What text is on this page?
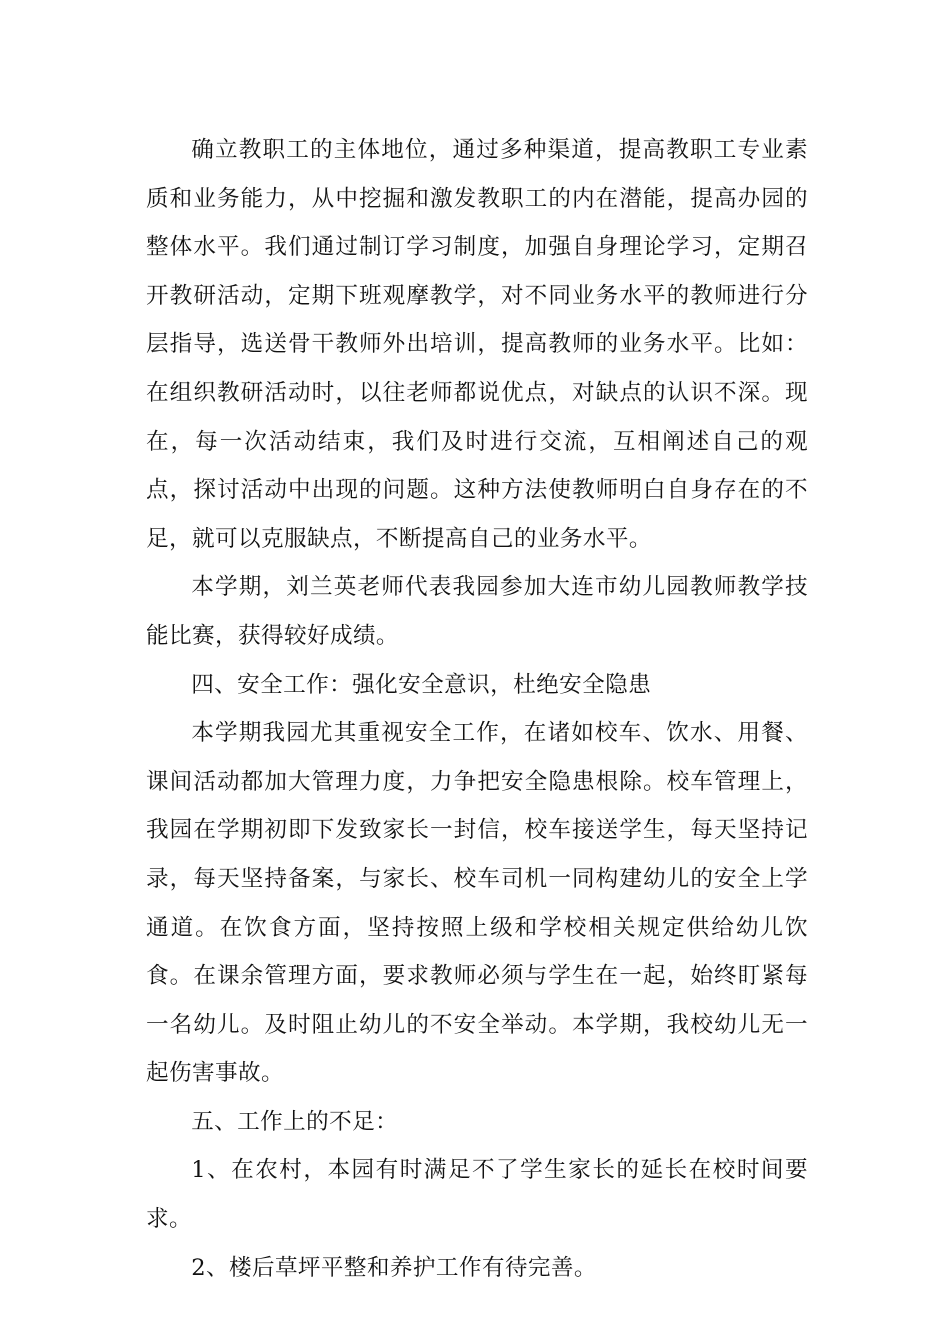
确立教职工的主体地位，通过多种渠道，提高教职工专业素质和业务能力，从中挖掘和激发教职工的内在潜能，提高办园的整体水平。我们通过制订学习制度，加强自身理论学习，定期召开教研活动，定期下班观摩教学，对不同业务水平的教师进行分层指导，选送骨干教师外出培训，提高教师的业务水平。比如：在组织教研活动时，以往老师都说优点，对缺点的认识不深。现在，每一次活动结束，我们及时进行交流，互相阐述自己的观点，探讨活动中出现的问题。这种方法使教师明白自身存在的不足，就可以克服缺点，不断提高自己的业务水平。

本学期，刘兰英老师代表我园参加大连市幼儿园教师教学技能比赛，获得较好成绩。

四、安全工作：强化安全意识，杜绝安全隐患

本学期我园尤其重视安全工作，在诸如校车、饮水、用餐、课间活动都加大管理力度，力争把安全隐患根除。校车管理上，我园在学期初即下发致家长一封信，校车接送学生，每天坚持记录，每天坚持备案，与家长、校车司机一同构建幼儿的安全上学通道。在饮食方面，坚持按照上级和学校相关规定供给幼儿饮食。在课余管理方面，要求教师必须与学生在一起，始终盯紧每一名幼儿。及时阻止幼儿的不安全举动。本学期，我校幼儿无一起伤害事故。

五、工作上的不足：

1、在农村，本园有时满足不了学生家长的延长在校时间要求。

2、楼后草坪平整和养护工作有待完善。
